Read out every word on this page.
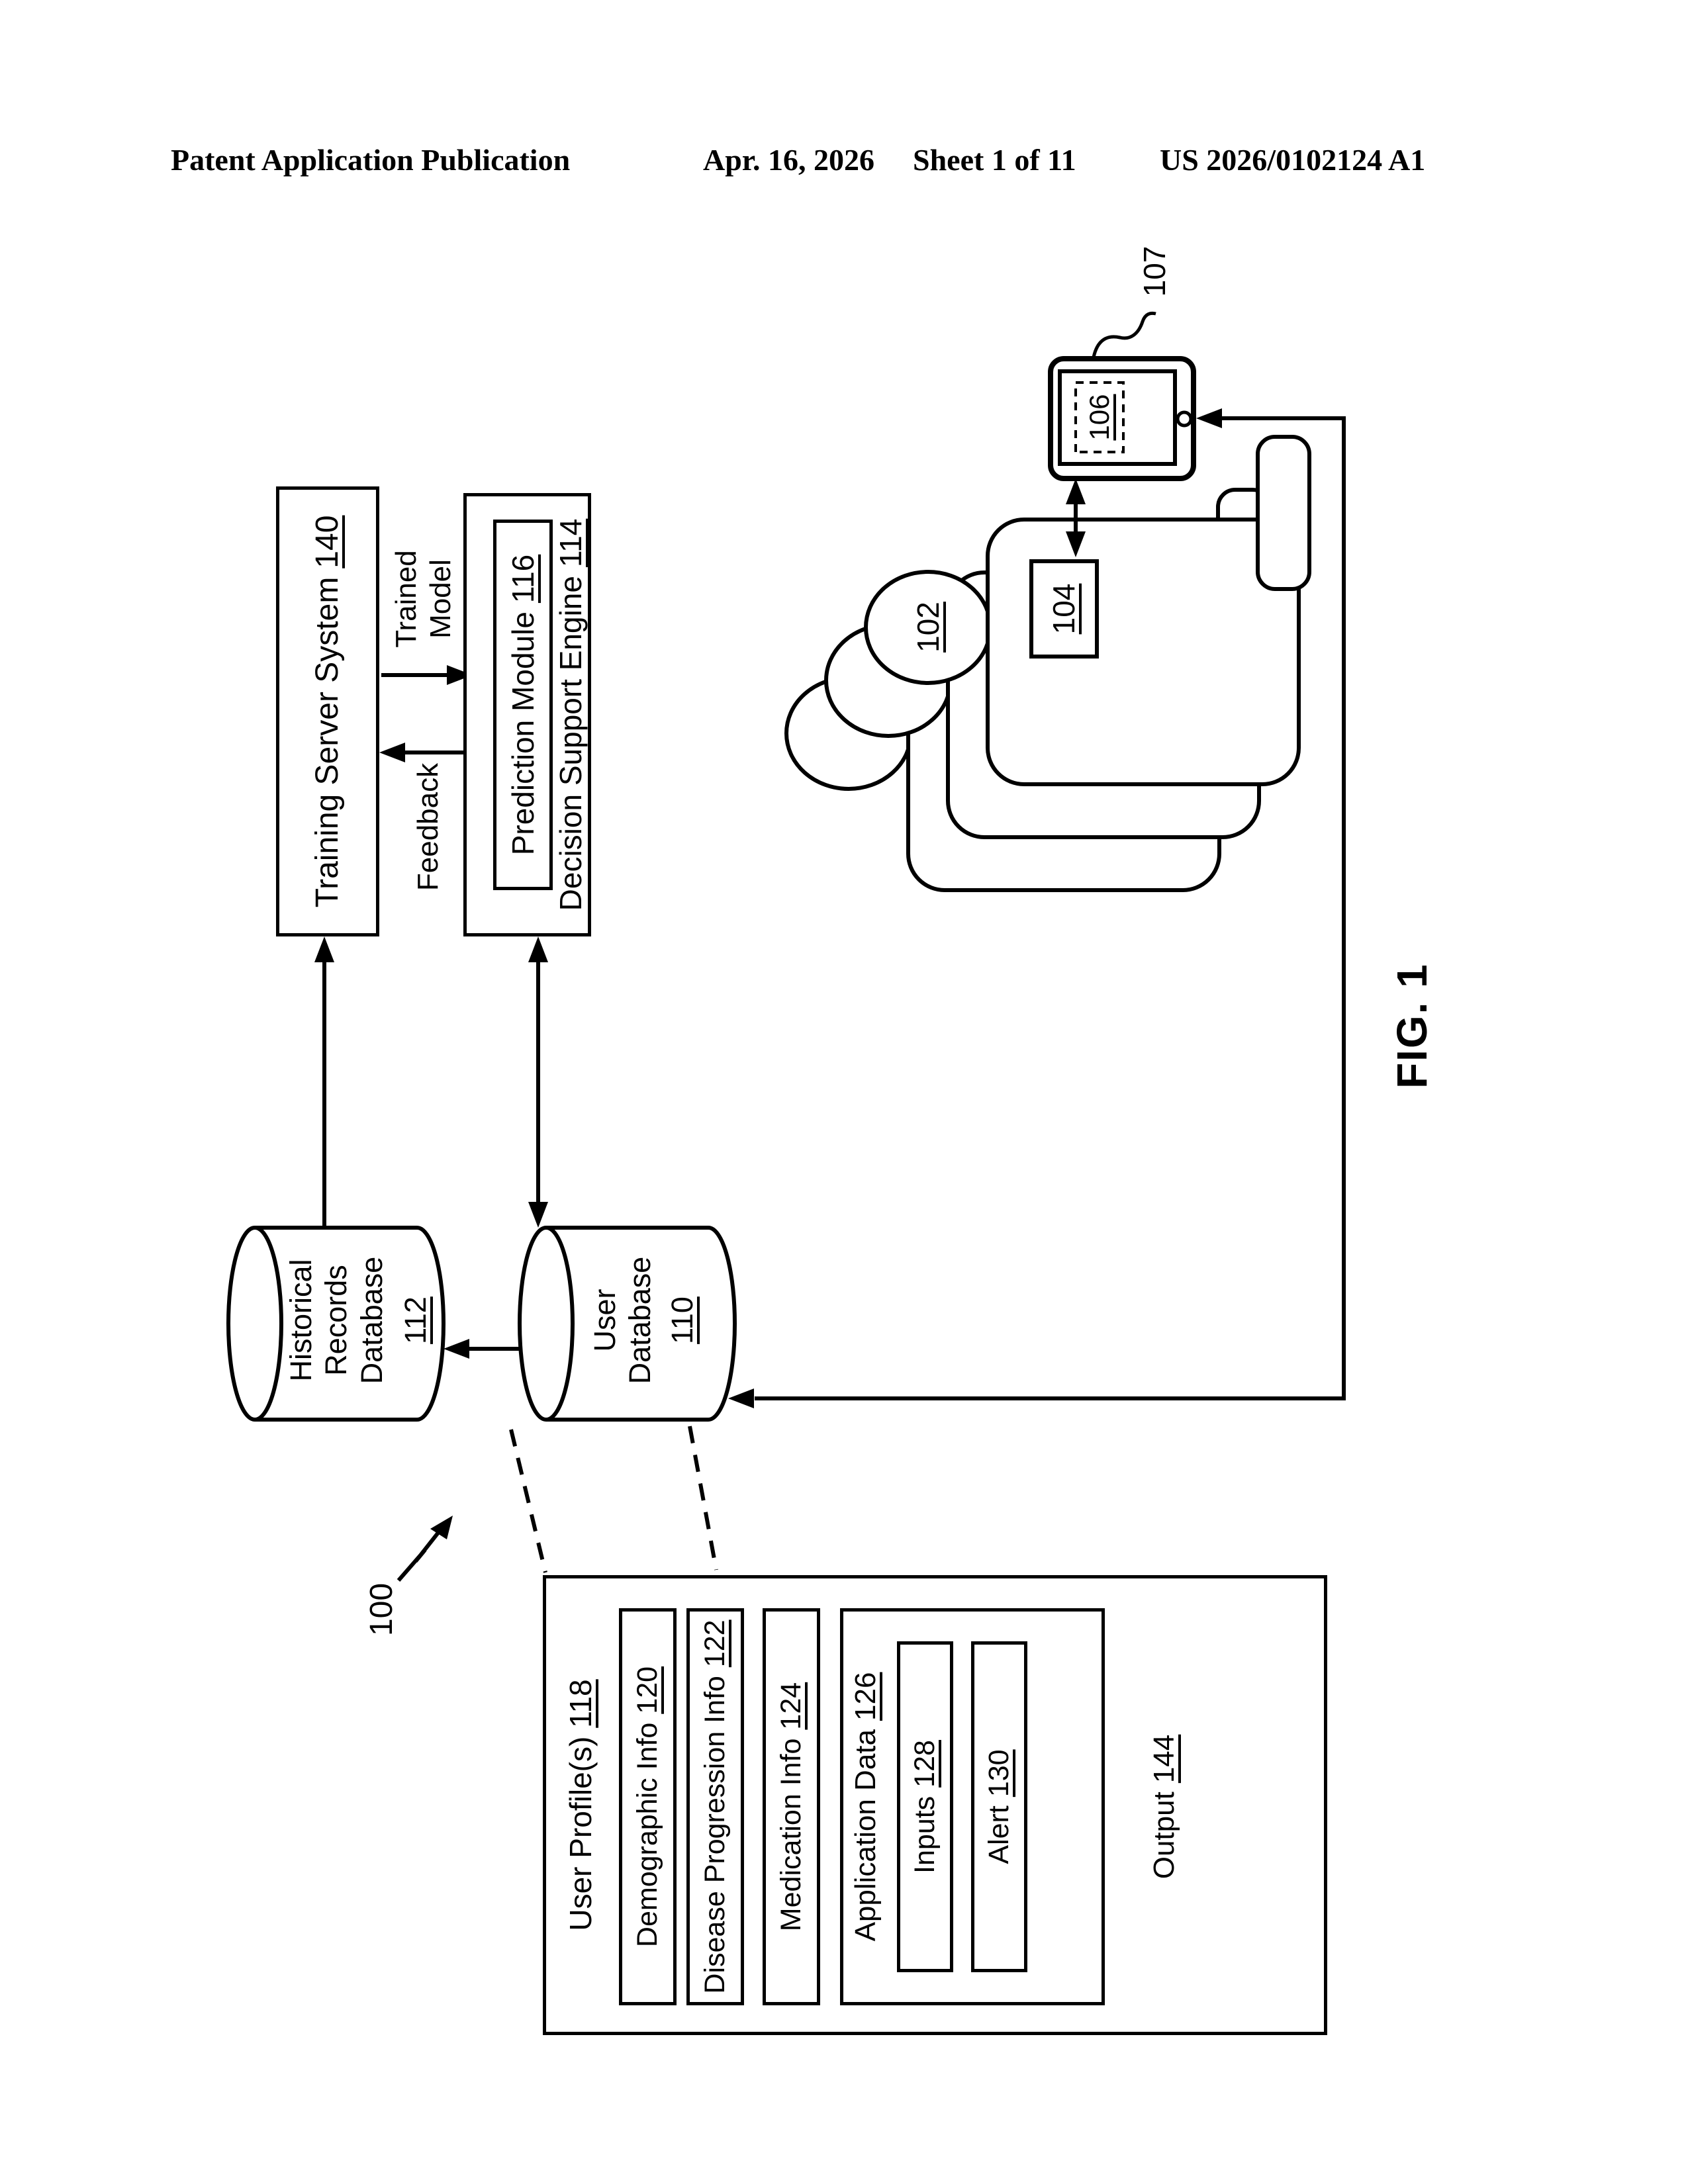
Patent Application Publication	Apr. 16, 2026 Sheet 1 of 11	US 2026/0102124 A1
Demographic Info
120 Disease Progression Info
122
Medication Info
124
Inputs
128
Alert
130
Training Server System140
Prediction Module116 Decision Support Engine114
Trained
Model
Feedback
Historical
Records
Database 112	User
Database 110
102	104
106
107
100
User Profile(s)118
Application Data126
Output144
FIG. 1
